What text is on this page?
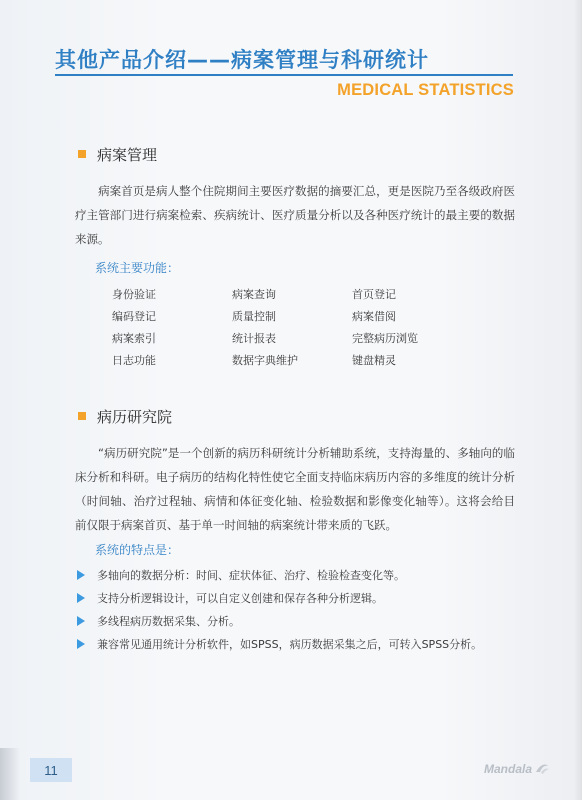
其他产品介绍——病案管理与科研统计
MEDICAL STATISTICS
病案管理
病案首页是病人整个住院期间主要医疗数据的摘要汇总，更是医院乃至各级政府医疗主管部门进行病案检索、疾病统计、医疗质量分析以及各种医疗统计的最主要的数据来源。
系统主要功能：
身份验证	病案查询	首页登记
编码登记	质量控制	病案借阅
病案索引	统计报表	完整病历浏览
日志功能	数据字典维护	键盘精灵
病历研究院
“病历研究院”是一个创新的病历科研统计分析辅助系统，支持海量的、多轴向的临床分析和科研。电子病历的结构化特性使它全面支持临床病历内容的多维度的统计分析（时间轴、治疗过程轴、病情和体征变化轴、检验数据和影像变化轴等）。这将会给目前仅限于病案首页、基于单一时间轴的病案统计带来质的飞跃。
系统的特点是：
多轴向的数据分析：时间、症状体征、治疗、检验检查变化等。
支持分析逻辑设计，可以自定义创建和保存各种分析逻辑。
多线程病历数据采集、分析。
兼容常见通用统计分析软件，如SPSS，病历数据采集之后，可转入SPSS分析。
11	Mandala
